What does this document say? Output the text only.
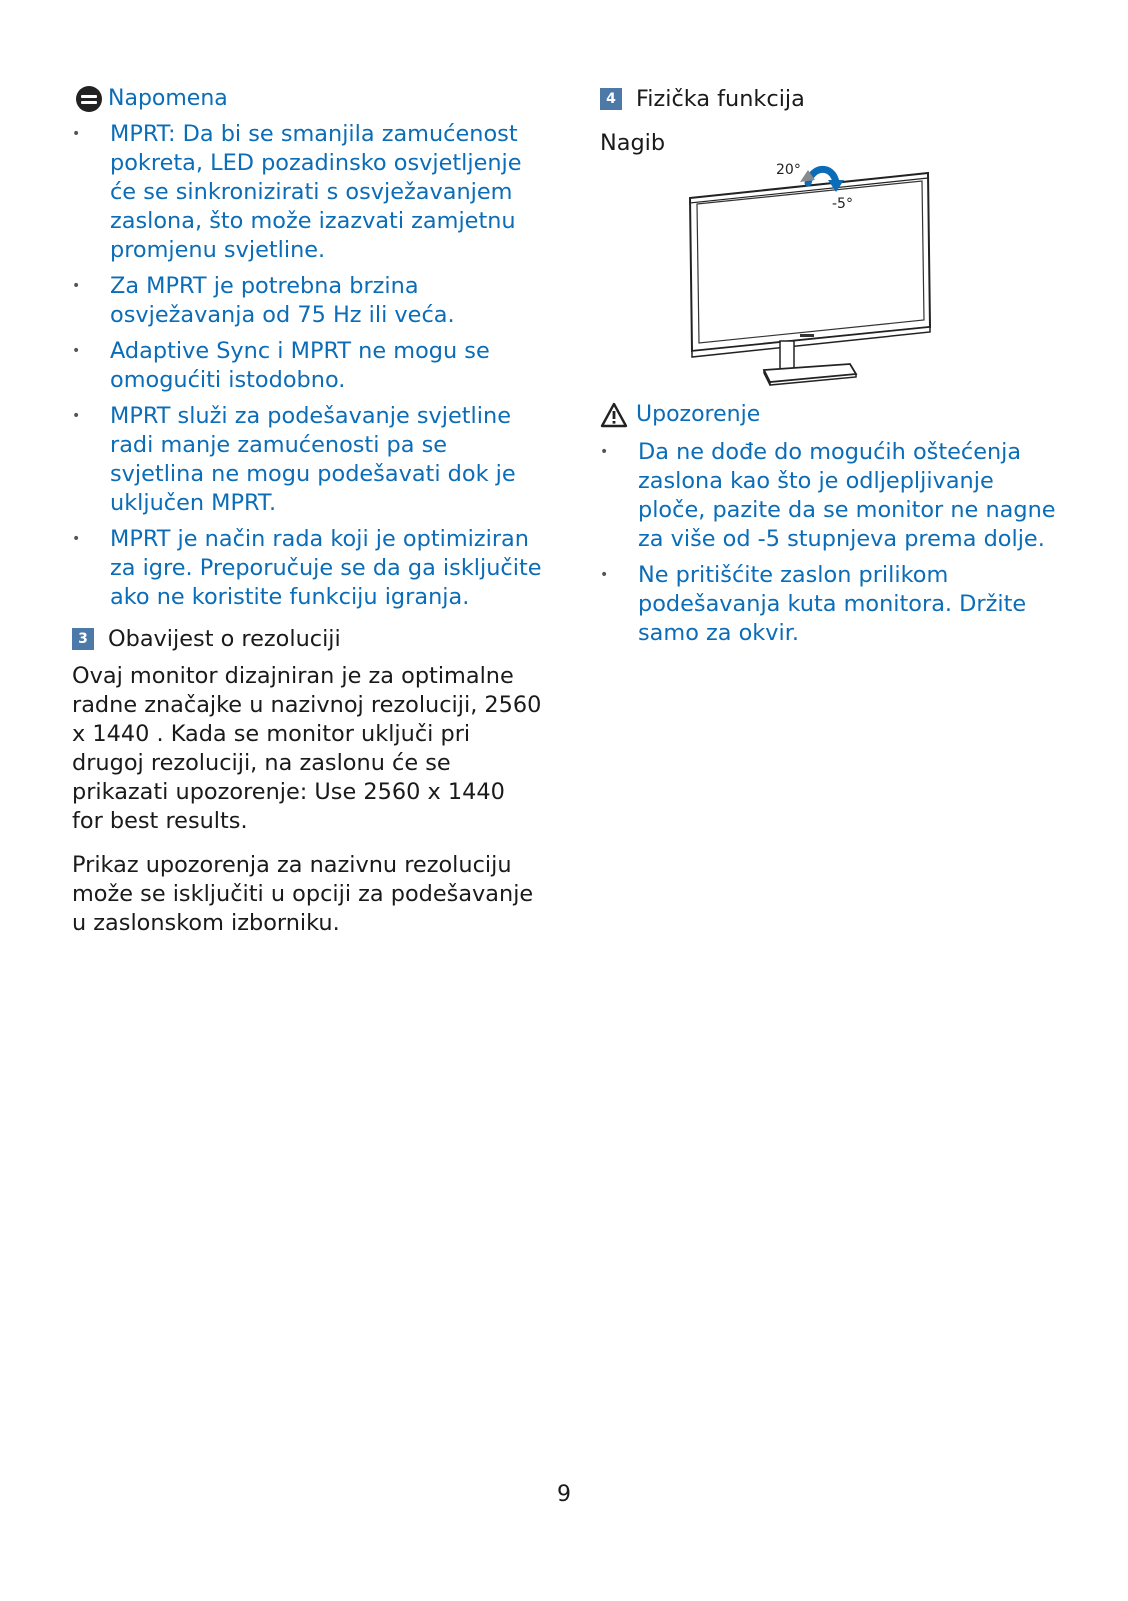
Napomena
• MPRT: Da bi se smanjila zamućenost pokreta, LED pozadinsko osvjetljenje će se sinkronizirati s osvježavanjem zaslona, što može izazvati zamjetnu promjenu svjetline.
• Za MPRT je potrebna brzina osvježavanja od 75 Hz ili veća.
• Adaptive Sync i MPRT ne mogu se omogućiti istodobno.
• MPRT služi za podešavanje svjetline radi manje zamućenosti pa se svjetlina ne mogu podešavati dok je uključen MPRT.
• MPRT je način rada koji je optimiziran za igre. Preporučuje se da ga isključite ako ne koristite funkciju igranja.
3 Obavijest o rezoluciji

Ovaj monitor dizajniran je za optimalne radne značajke u nazivnoj rezoluciji, 2560 x 1440 . Kada se monitor uključi pri drugoj rezoluciji, na zaslonu će se prikazati upozorenje: Use 2560 x 1440 for best results.

Prikaz upozorenja za nazivnu rezoluciju može se isključiti u opciji za podešavanje u zaslonskom izborniku.

4 Fizička funkcija

Nagib

20°
-5°
Upozorenje
• Da ne dođe do mogućih oštećenja zaslona kao što je odljepljivanje ploče, pazite da se monitor ne nagne za više od -5 stupnjeva prema dolje.
• Ne pritišćite zaslon prilikom podešavanja kuta monitora. Držite samo za okvir.
9
